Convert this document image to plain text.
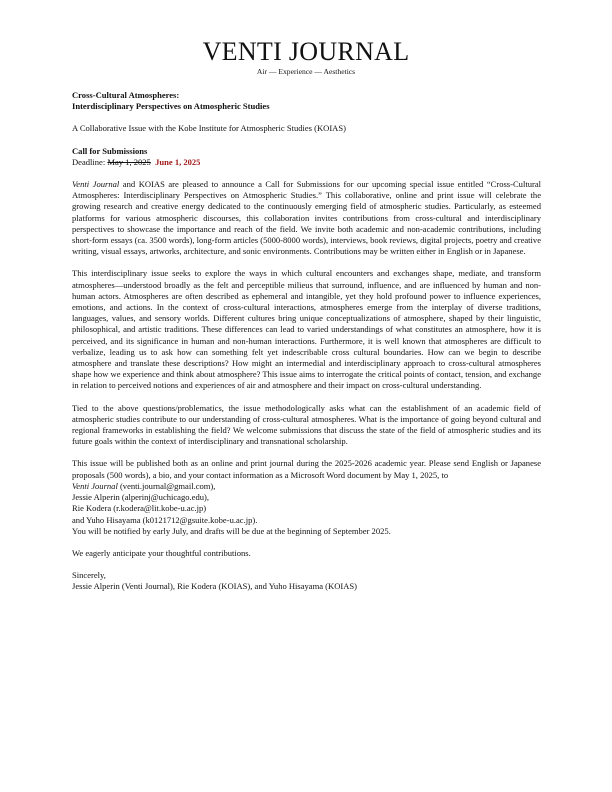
VENTI JOURNAL
Air — Experience — Aesthetics

Cross-Cultural Atmospheres:
Interdisciplinary Perspectives on Atmospheric Studies

A Collaborative Issue with the Kobe Institute for Atmospheric Studies (KOIAS)

Call for Submissions
Deadline: May 1, 2025 June 1, 2025

Venti Journal and KOIAS are pleased to announce a Call for Submissions for our upcoming special issue entitled “Cross-Cultural Atmospheres: Interdisciplinary Perspectives on Atmospheric Studies.” This collaborative, online and print issue will celebrate the growing research and creative energy dedicated to the continuously emerging field of atmospheric studies. Particularly, as esteemed platforms for various atmospheric discourses, this collaboration invites contributions from cross-cultural and interdisciplinary perspectives to showcase the importance and reach of the field. We invite both academic and non-academic contributions, including short-form essays (ca. 3500 words), long-form articles (5000-8000 words), interviews, book reviews, digital projects, poetry and creative writing, visual essays, artworks, architecture, and sonic environments. Contributions may be written either in English or in Japanese.

This interdisciplinary issue seeks to explore the ways in which cultural encounters and exchanges shape, mediate, and transform atmospheres—understood broadly as the felt and perceptible milieus that surround, influence, and are influenced by human and non-human actors. Atmospheres are often described as ephemeral and intangible, yet they hold profound power to influence experiences, emotions, and actions. In the context of cross-cultural interactions, atmospheres emerge from the interplay of diverse traditions, languages, values, and sensory worlds. Different cultures bring unique conceptualizations of atmosphere, shaped by their linguistic, philosophical, and artistic traditions. These differences can lead to varied understandings of what constitutes an atmosphere, how it is perceived, and its significance in human and non-human interactions. Furthermore, it is well known that atmospheres are difficult to verbalize, leading us to ask how can something felt yet indescribable cross cultural boundaries. How can we begin to describe atmosphere and translate these descriptions? How might an intermedial and interdisciplinary approach to cross-cultural atmospheres shape how we experience and think about atmosphere? This issue aims to interrogate the critical points of contact, tension, and exchange in relation to perceived notions and experiences of air and atmosphere and their impact on cross-cultural understanding.

Tied to the above questions/problematics, the issue methodologically asks what can the establishment of an academic field of atmospheric studies contribute to our understanding of cross-cultural atmospheres. What is the importance of going beyond cultural and regional frameworks in establishing the field? We welcome submissions that discuss the state of the field of atmospheric studies and its future goals within the context of interdisciplinary and transnational scholarship.

This issue will be published both as an online and print journal during the 2025-2026 academic year. Please send English or Japanese proposals (500 words), a bio, and your contact information as a Microsoft Word document by May 1, 2025, to
Venti Journal (venti.journal@gmail.com),
Jessie Alperin (alperinj@uchicago.edu),
Rie Kodera (r.kodera@lit.kobe-u.ac.jp)
and Yuho Hisayama (k0121712@gsuite.kobe-u.ac.jp).
You will be notified by early July, and drafts will be due at the beginning of September 2025.

We eagerly anticipate your thoughtful contributions.

Sincerely,
Jessie Alperin (Venti Journal), Rie Kodera (KOIAS), and Yuho Hisayama (KOIAS)
